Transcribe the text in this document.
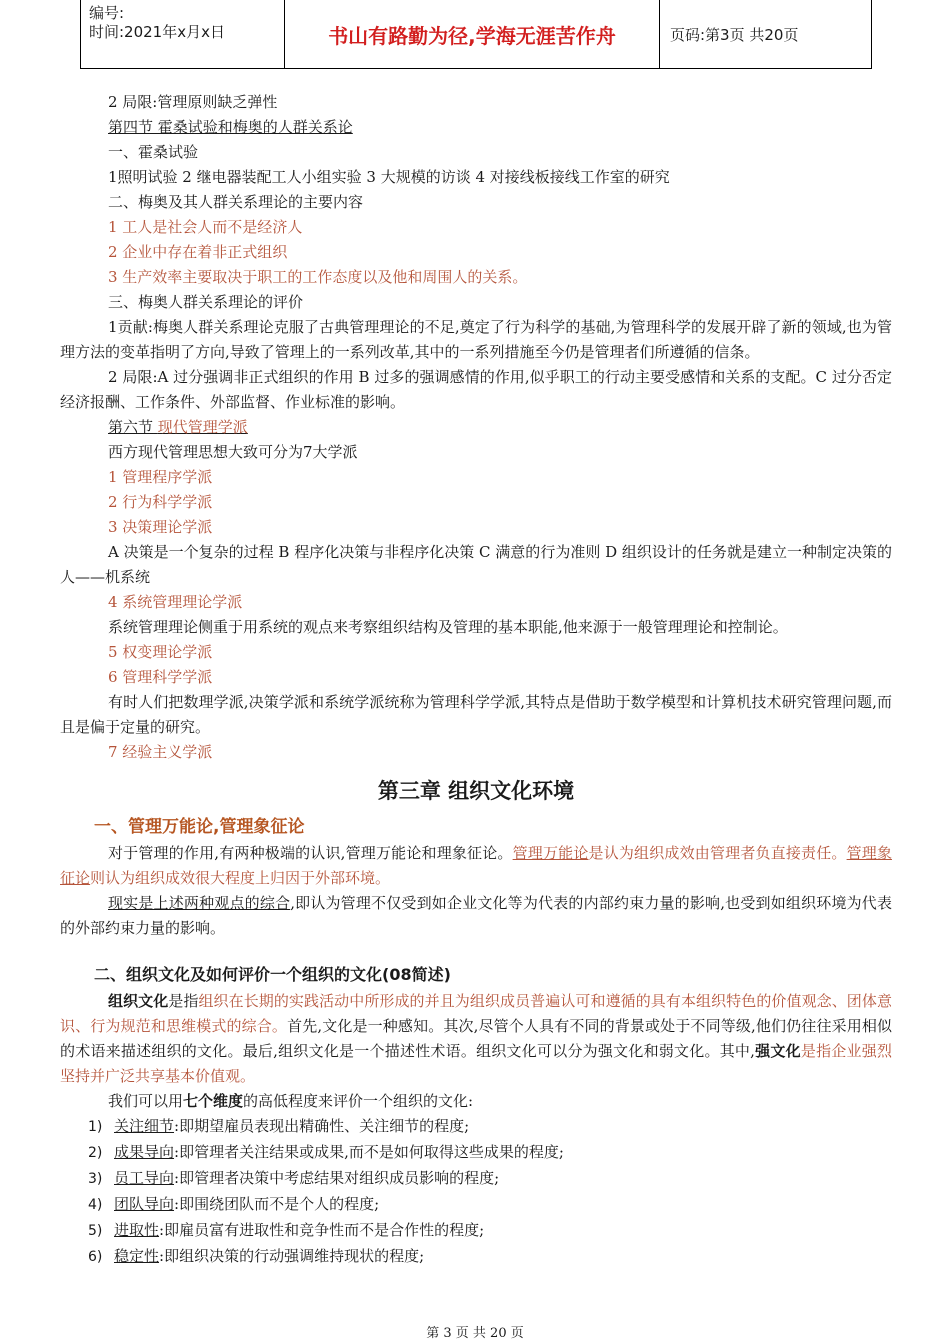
编号:
时间:2021年x月x日	书山有路勤为径,学海无涯苦作舟	页码:第3页 共20页

2 局限:管理原则缺乏弹性

第四节 霍桑试验和梅奥的人群关系论

一、霍桑试验

1照明试验 2 继电器装配工人小组实验 3 大规模的访谈 4 对接线板接线工作室的研究

二、梅奥及其人群关系理论的主要内容

1 工人是社会人而不是经济人

2 企业中存在着非正式组织

3 生产效率主要取决于职工的工作态度以及他和周围人的关系。

三、梅奥人群关系理论的评价

1贡献:梅奥人群关系理论克服了古典管理理论的不足,奠定了行为科学的基础,为管理科学的发展开辟了新的领域,也为管理方法的变革指明了方向,导致了管理上的一系列改革,其中的一系列措施至今仍是管理者们所遵循的信条。

2 局限:A 过分强调非正式组织的作用 B 过多的强调感情的作用,似乎职工的行动主要受感情和关系的支配。C 过分否定经济报酬、工作条件、外部监督、作业标准的影响。

第六节 现代管理学派

西方现代管理思想大致可分为7大学派

1 管理程序学派

2 行为科学学派

3 决策理论学派

A 决策是一个复杂的过程 B 程序化决策与非程序化决策 C 满意的行为准则 D 组织设计的任务就是建立一种制定决策的人——机系统

4 系统管理理论学派

系统管理理论侧重于用系统的观点来考察组织结构及管理的基本职能,他来源于一般管理理论和控制论。

5 权变理论学派

6 管理科学学派

有时人们把数理学派,决策学派和系统学派统称为管理科学学派,其特点是借助于数学模型和计算机技术研究管理问题,而且是偏于定量的研究。

7 经验主义学派

第三章 组织文化环境

一、管理万能论,管理象征论

对于管理的作用,有两种极端的认识,管理万能论和理象征论。管理万能论是认为组织成效由管理者负直接责任。管理象征论则认为组织成效很大程度上归因于外部环境。

现实是上述两种观点的综合,即认为管理不仅受到如企业文化等为代表的内部约束力量的影响,也受到如组织环境为代表的外部约束力量的影响。

二、组织文化及如何评价一个组织的文化(08简述)

组织文化是指组织在长期的实践活动中所形成的并且为组织成员普遍认可和遵循的具有本组织特色的价值观念、团体意识、行为规范和思维模式的综合。首先,文化是一种感知。其次,尽管个人具有不同的背景或处于不同等级,他们仍往往采用相似的术语来描述组织的文化。最后,组织文化是一个描述性术语。组织文化可以分为强文化和弱文化。其中,强文化是指企业强烈坚持并广泛共享基本价值观。

我们可以用七个维度的高低程度来评价一个组织的文化:

1) 关注细节:即期望雇员表现出精确性、关注细节的程度;

2) 成果导向:即管理者关注结果或成果,而不是如何取得这些成果的程度;

3) 员工导向:即管理者决策中考虑结果对组织成员影响的程度;

4) 团队导向:即围绕团队而不是个人的程度;

5) 进取性:即雇员富有进取性和竞争性而不是合作性的程度;

6) 稳定性:即组织决策的行动强调维持现状的程度;

第 3 页 共 20 页
